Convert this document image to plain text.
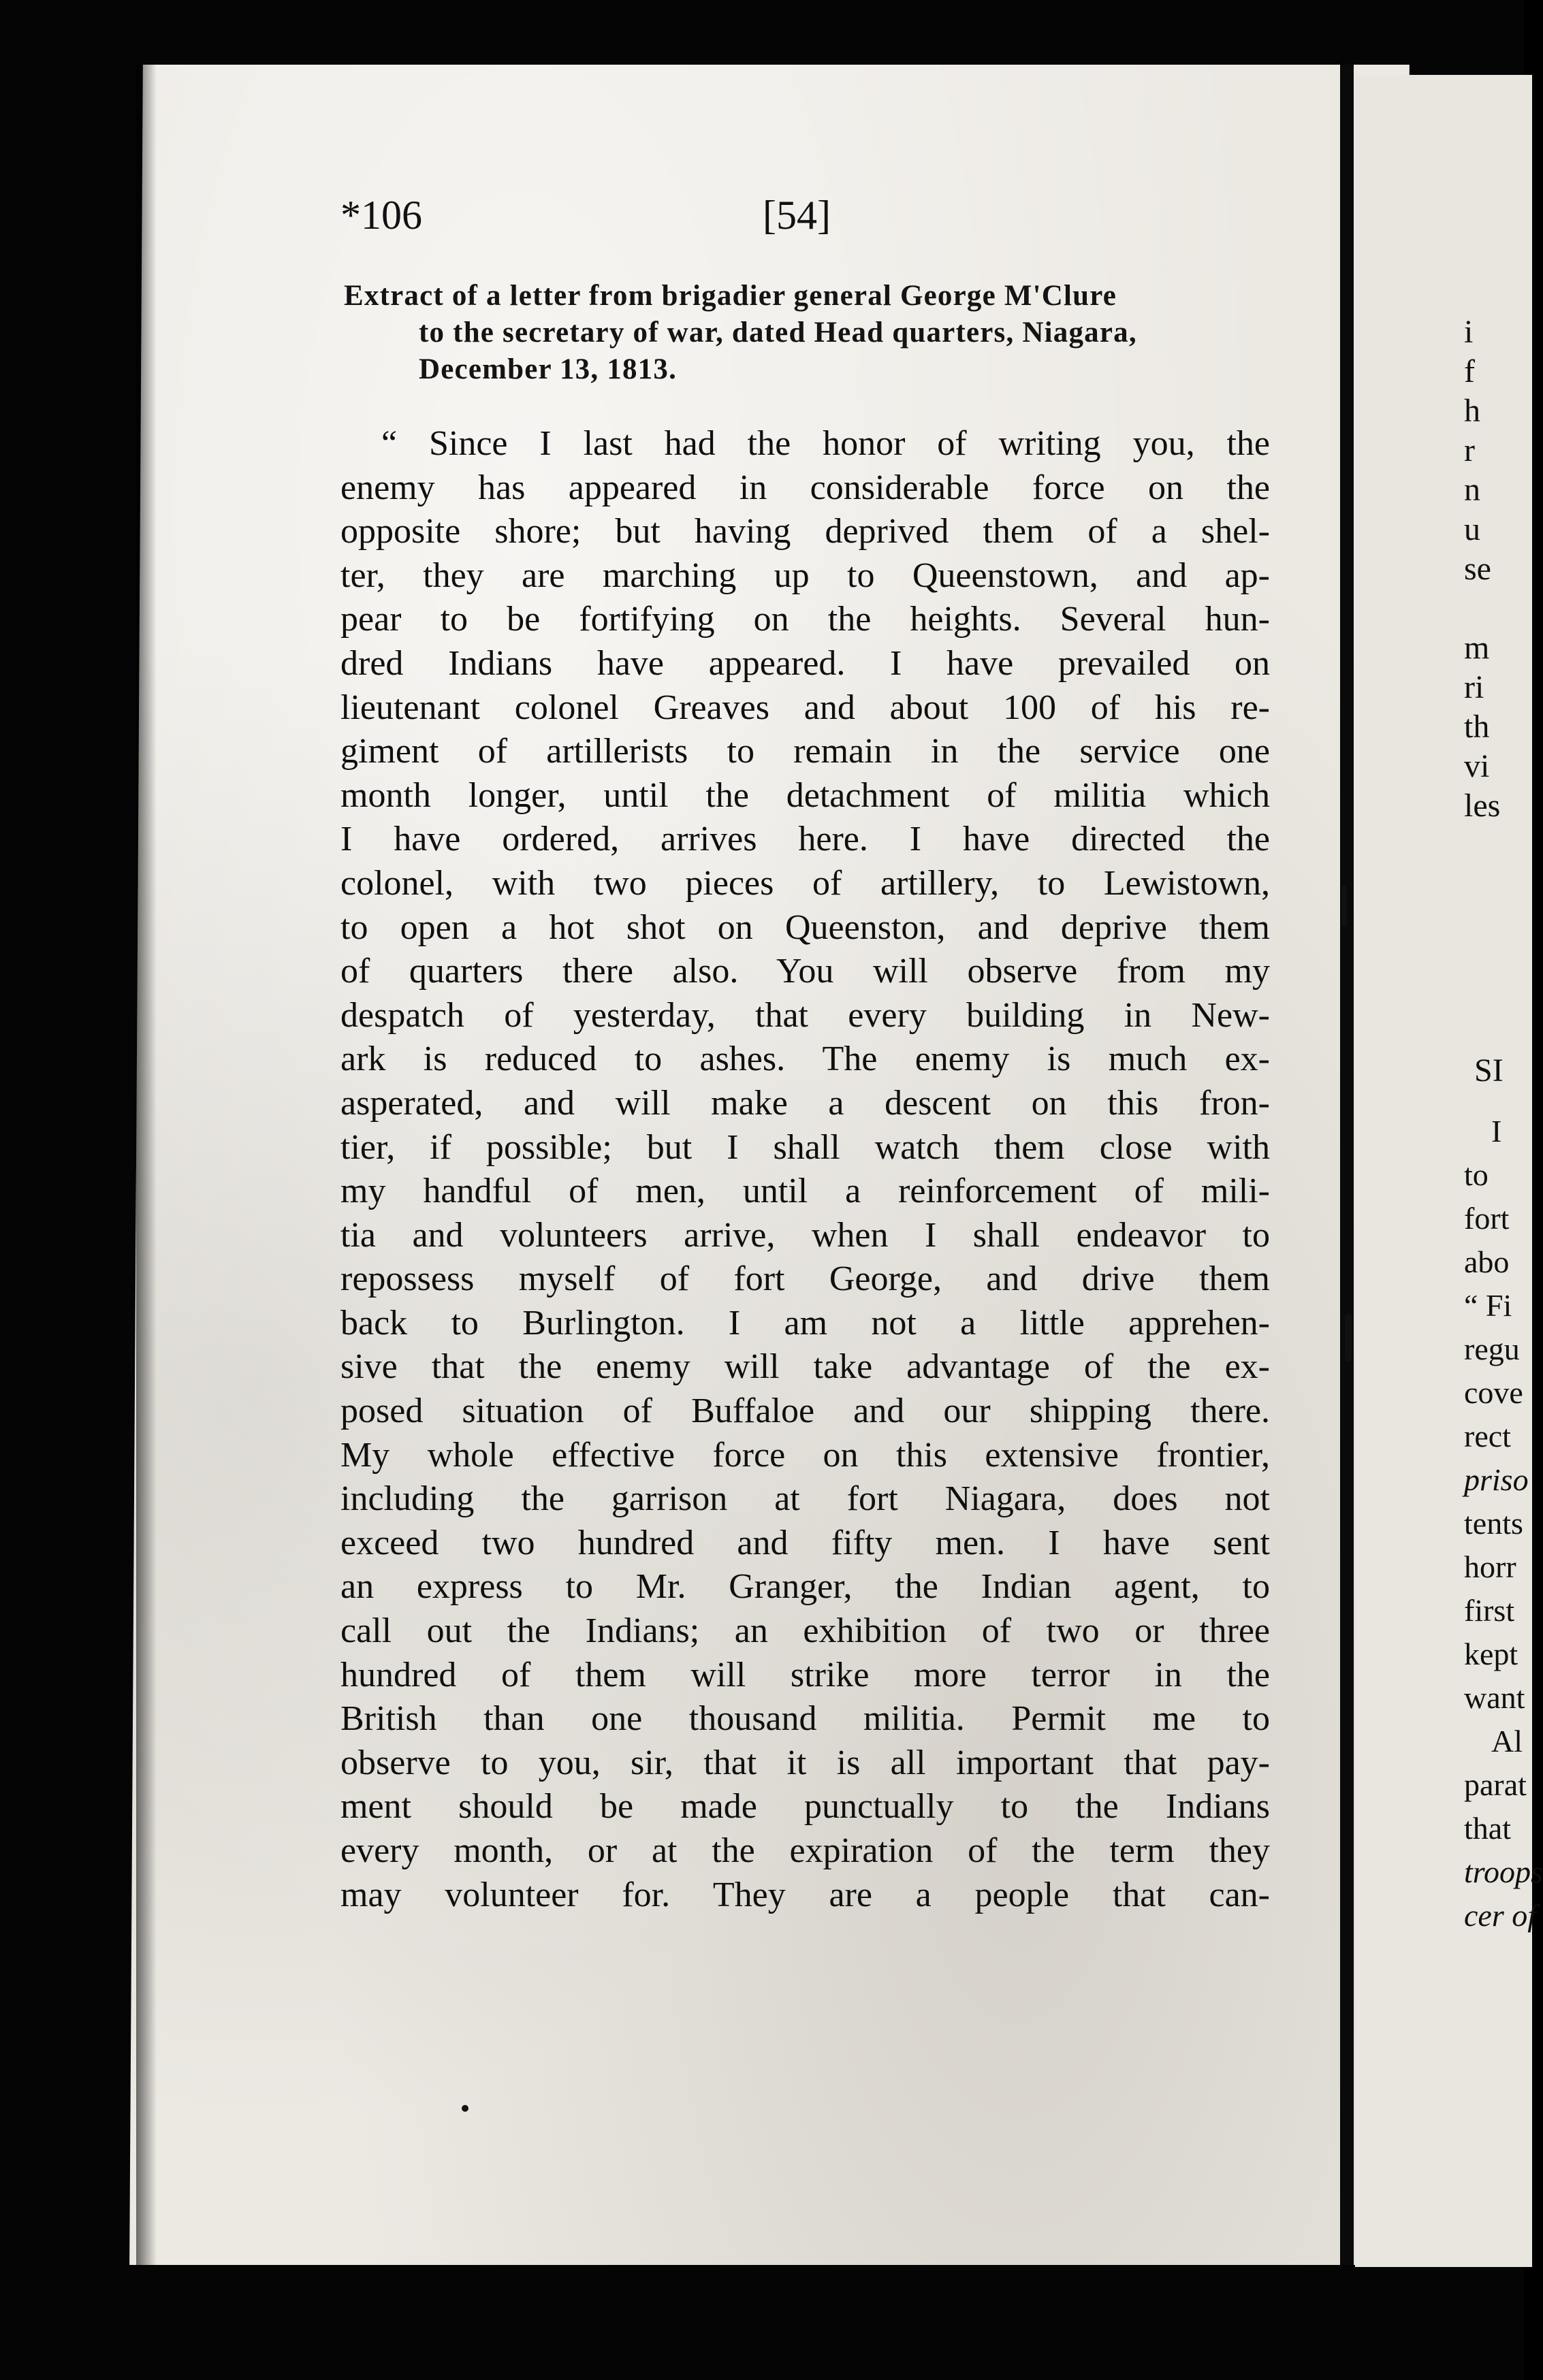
*106	[54]
Extract of a letter from brigadier general George M'Clure
to the secretary of war, dated Head quarters, Niagara,
December 13, 1813.
“ Since I last had the honor of writing you, the
enemy has appeared in considerable force on the
opposite shore; but having deprived them of a shel-
ter, they are marching up to Queenstown, and ap-
pear to be fortifying on the heights. Several hun-
dred Indians have appeared. I have prevailed on
lieutenant colonel Greaves and about 100 of his re-
giment of artillerists to remain in the service one
month longer, until the detachment of militia which
I have ordered, arrives here. I have directed the
colonel, with two pieces of artillery, to Lewistown,
to open a hot shot on Queenston, and deprive them
of quarters there also. You will observe from my
despatch of yesterday, that every building in New-
ark is reduced to ashes. The enemy is much ex-
asperated, and will make a descent on this fron-
tier, if possible; but I shall watch them close with
my handful of men, until a reinforcement of mili-
tia and volunteers arrive, when I shall endeavor to
repossess myself of fort George, and drive them
back to Burlington. I am not a little apprehen-
sive that the enemy will take advantage of the ex-
posed situation of Buffaloe and our shipping there.
My whole effective force on this extensive frontier,
including the garrison at fort Niagara, does not
exceed two hundred and fifty men. I have sent
an express to Mr. Granger, the Indian agent, to
call out the Indians; an exhibition of two or three
hundred of them will strike more terror in the
British than one thousand militia. Permit me to
observe to you, sir, that it is all important that pay-
ment should be made punctually to the Indians
every month, or at the expiration of the term they
may volunteer for. They are a people that can-
i
f
h
r
n
u
se
m
ri
th
vi
les
SI
I
to
fort
abo
“ Fi
regu
cove
rect
priso
tents
horr
first
kept
want
Al
parat
that
troops
cer of
